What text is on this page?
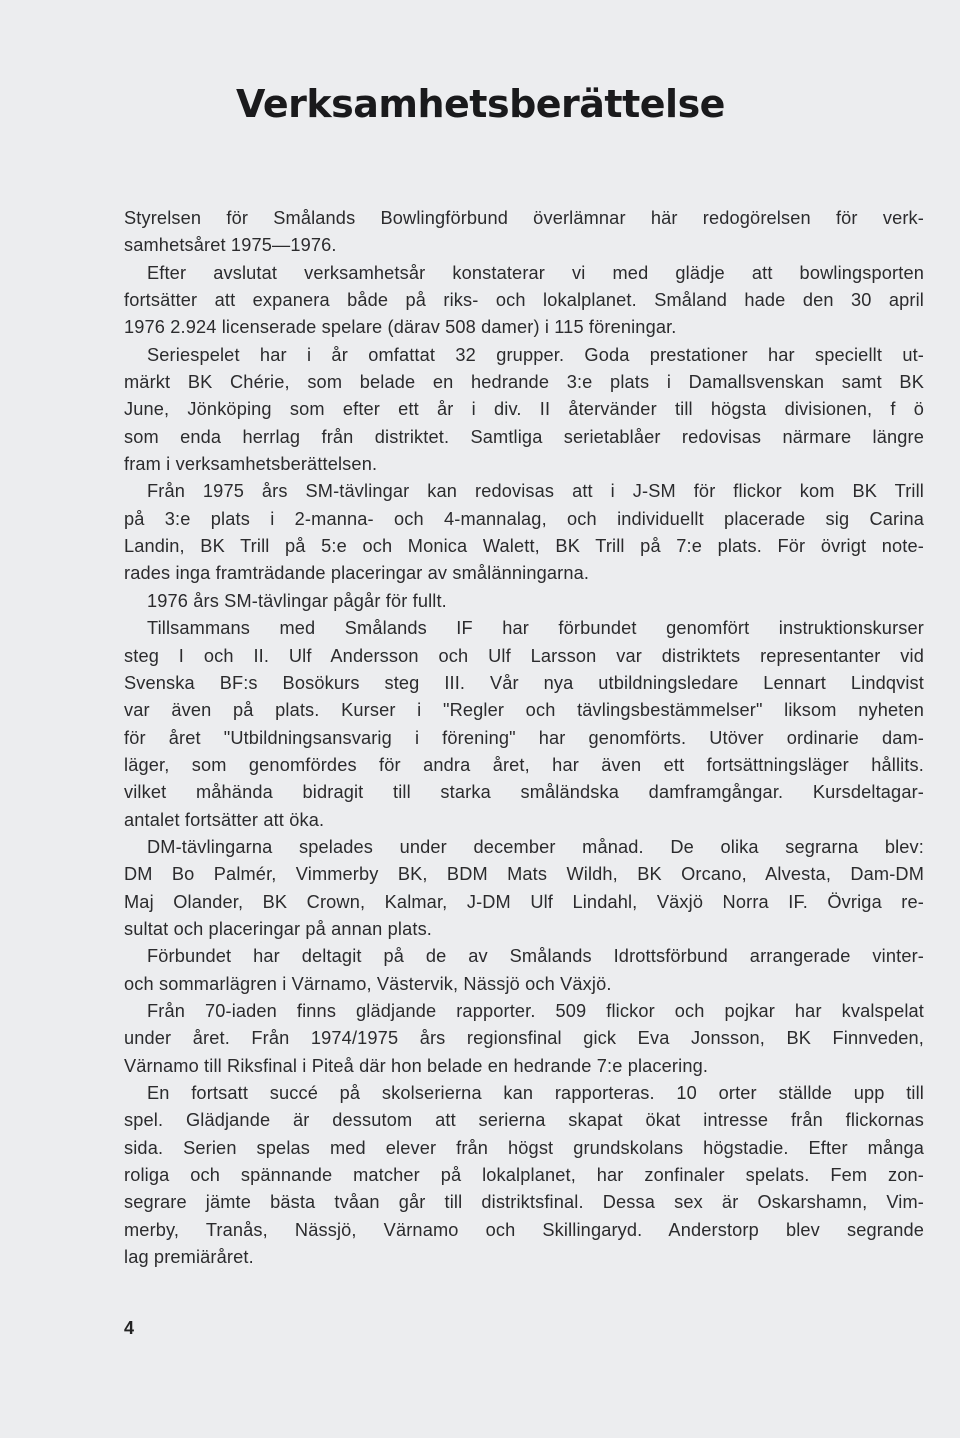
Verksamhetsberättelse
Styrelsen för Smålands Bowlingförbund överlämnar här redogörelsen för verk-
samhetsåret 1975—1976.
Efter avslutat verksamhetsår konstaterar vi med glädje att bowlingsporten
fortsätter att expanera både på riks- och lokalplanet. Småland hade den 30 april
1976 2.924 licenserade spelare (därav 508 damer) i 115 föreningar.
Seriespelet har i år omfattat 32 grupper. Goda prestationer har speciellt ut-
märkt BK Chérie, som belade en hedrande 3:e plats i Damallsvenskan samt BK
June, Jönköping som efter ett år i div. II återvänder till högsta divisionen, f ö
som enda herrlag från distriktet. Samtliga serietablåer redovisas närmare längre
fram i verksamhetsberättelsen.
Från 1975 års SM-tävlingar kan redovisas att i J-SM för flickor kom BK Trill
på 3:e plats i 2-manna- och 4-mannalag, och individuellt placerade sig Carina
Landin, BK Trill på 5:e och Monica Walett, BK Trill på 7:e plats. För övrigt note-
rades inga framträdande placeringar av smålänningarna.
1976 års SM-tävlingar pågår för fullt.
Tillsammans med Smålands IF har förbundet genomfört instruktionskurser
steg I och II. Ulf Andersson och Ulf Larsson var distriktets representanter vid
Svenska BF:s Bosökurs steg III. Vår nya utbildningsledare Lennart Lindqvist
var även på plats. Kurser i "Regler och tävlingsbestämmelser" liksom nyheten
för året "Utbildningsansvarig i förening" har genomförts. Utöver ordinarie dam-
läger, som genomfördes för andra året, har även ett fortsättningsläger hållits.
vilket måhända bidragit till starka småländska damframgångar. Kursdeltagar-
antalet fortsätter att öka.
DM-tävlingarna spelades under december månad. De olika segrarna blev:
DM Bo Palmér, Vimmerby BK, BDM Mats Wildh, BK Orcano, Alvesta, Dam-DM
Maj Olander, BK Crown, Kalmar, J-DM Ulf Lindahl, Växjö Norra IF. Övriga re-
sultat och placeringar på annan plats.
Förbundet har deltagit på de av Smålands Idrottsförbund arrangerade vinter-
och sommarlägren i Värnamo, Västervik, Nässjö och Växjö.
Från 70-iaden finns glädjande rapporter. 509 flickor och pojkar har kvalspelat
under året. Från 1974/1975 års regionsfinal gick Eva Jonsson, BK Finnveden,
Värnamo till Riksfinal i Piteå där hon belade en hedrande 7:e placering.
En fortsatt succé på skolserierna kan rapporteras. 10 orter ställde upp till
spel. Glädjande är dessutom att serierna skapat ökat intresse från flickornas
sida. Serien spelas med elever från högst grundskolans högstadie. Efter många
roliga och spännande matcher på lokalplanet, har zonfinaler spelats. Fem zon-
segrare jämte bästa tvåan går till distriktsfinal. Dessa sex är Oskarshamn, Vim-
merby, Tranås, Nässjö, Värnamo och Skillingaryd. Anderstorp blev segrande
lag premiäråret.
4
